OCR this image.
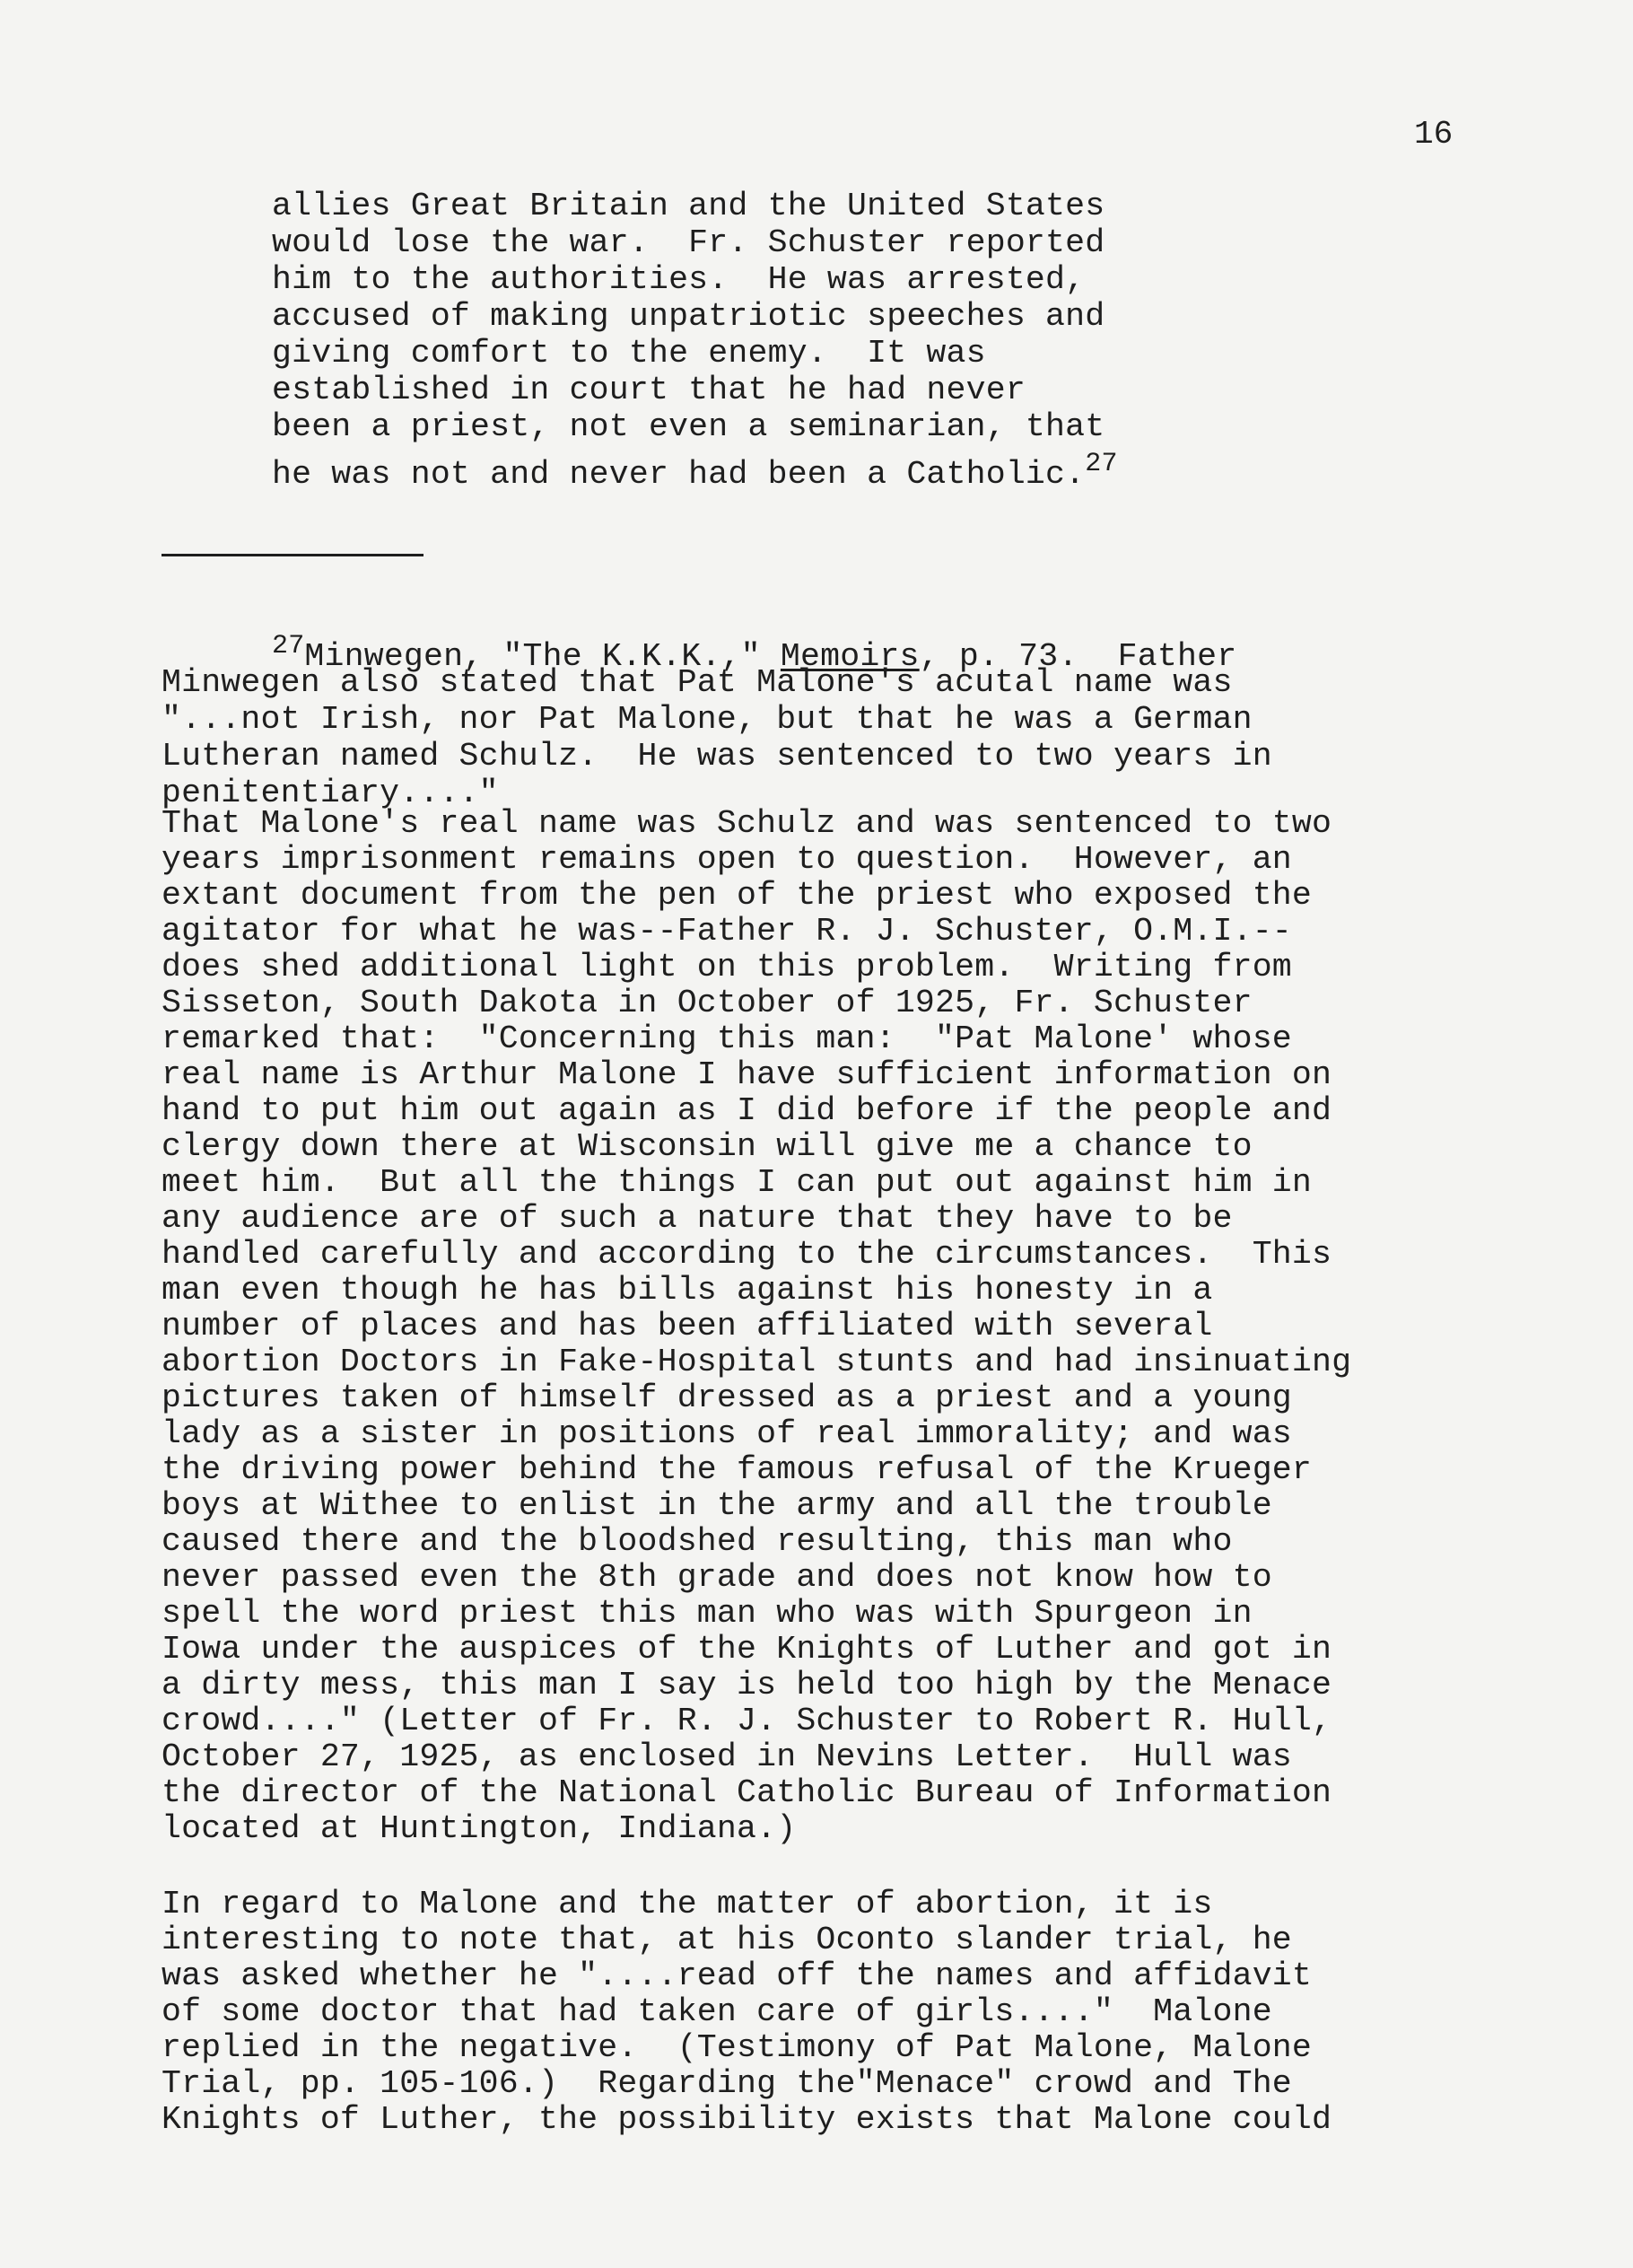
16
allies Great Britain and the United States
would lose the war.  Fr. Schuster reported
him to the authorities.  He was arrested,
accused of making unpatriotic speeches and
giving comfort to the enemy.  It was
established in court that he had never
been a priest, not even a seminarian, that
he was not and never had been a Catholic.$^{27}$
$^{27}$Minwegen, "The K.K.K.," Memoirs, p. 73.  Father
Minwegen also stated that Pat Malone's acutal name was
"...not Irish, nor Pat Malone, but that he was a German
Lutheran named Schulz.  He was sentenced to two years in
penitentiary...."
That Malone's real name was Schulz and was sentenced to two
years imprisonment remains open to question.  However, an
extant document from the pen of the priest who exposed the
agitator for what he was--Father R. J. Schuster, O.M.I.--
does shed additional light on this problem.  Writing from
Sisseton, South Dakota in October of 1925, Fr. Schuster
remarked that:  "Concerning this man:  "Pat Malone' whose
real name is Arthur Malone I have sufficient information on
hand to put him out again as I did before if the people and
clergy down there at Wisconsin will give me a chance to
meet him.  But all the things I can put out against him in
any audience are of such a nature that they have to be
handled carefully and according to the circumstances.  This
man even though he has bills against his honesty in a
number of places and has been affiliated with several
abortion Doctors in Fake-Hospital stunts and had insinuating
pictures taken of himself dressed as a priest and a young
lady as a sister in positions of real immorality; and was
the driving power behind the famous refusal of the Krueger
boys at Withee to enlist in the army and all the trouble
caused there and the bloodshed resulting, this man who
never passed even the 8th grade and does not know how to
spell the word priest this man who was with Spurgeon in
Iowa under the auspices of the Knights of Luther and got in
a dirty mess, this man I say is held too high by the Menace
crowd...." (Letter of Fr. R. J. Schuster to Robert R. Hull,
October 27, 1925, as enclosed in Nevins Letter.  Hull was
the director of the National Catholic Bureau of Information
located at Huntington, Indiana.)
In regard to Malone and the matter of abortion, it is
interesting to note that, at his Oconto slander trial, he
was asked whether he "....read off the names and affidavit
of some doctor that had taken care of girls...."  Malone
replied in the negative.  (Testimony of Pat Malone, Malone
Trial, pp. 105-106.)  Regarding the"Menace" crowd and The
Knights of Luther, the possibility exists that Malone could
